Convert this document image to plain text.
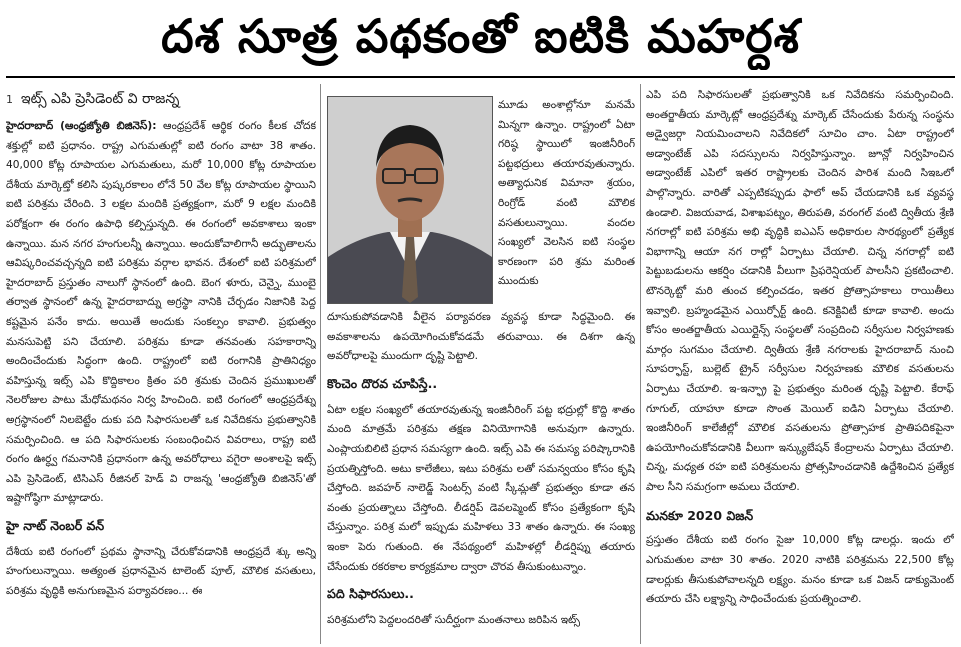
దశ సూత్ర పథకంతో ఐటికి మహర్దశ

1 ఇట్స్ ఎపి ప్రెసిడెంట్ వి రాజన్న

హైదరాబాద్ (ఆంధ్రజ్యోతి బిజినెస్): ఆంధ్రప్రదేశ్ ఆర్థిక రంగం కీలక చోదక శక్తుల్లో ఐటి ప్రధానం. రాష్ట్ర ఎగుమతుల్లో ఐటి రంగం వాటా 38 శాతం. 40,000 కోట్ల రూపాయల ఎగుమతులు, మరో 10,000 కోట్ల రూపాయల దేశీయ మార్కెట్తో కలిసి పుష్కరకాలం లోనే 50 వేల కోట్ల రూపాయల స్థాయిని ఐటి పరిశ్రమ చేరింది. 3 లక్షల మందికి ప్రత్యక్షంగా, మరో 9 లక్షల మందికి పరోక్షంగా ఈ రంగం ఉపాధి కల్పిస్తున్నది. ఈ రంగంలో అవకాశాలు ఇంకా ఉన్నాయి. మన నగర హంగులన్నీ ఉన్నాయి. అందుకోవాలిగానీ అద్భుతాలను ఆవిష్కరించవచ్చన్నది ఐటి పరిశ్రమ వర్గాల భావన. దేశంలో ఐటి పరిశ్రమలో హైదరాబాద్ ప్రస్తుతం నాలుగో స్థానంలో ఉంది. బెంగ ళూరు, చెన్నై, ముంబై తర్వాత స్థానంలో ఉన్న హైదరాబాద్ను అగ్రస్థా నానికి చేర్చడం నిజానికి పెద్ద కష్టమైన పనేం కాదు. అయితే అందుకు సంకల్పం కావాలి. ప్రభుత్వం మనసుపెట్టి పని చేయాలి. పరిశ్రమ కూడా తనవంతు సహకారాన్ని అందించేందుకు సిద్ధంగా ఉంది. రాష్ట్రంలో ఐటి రంగానికి ప్రాతినిధ్యం వహిస్తున్న ఇట్స్ ఎపి కొద్దికాలం క్రితం పరి శ్రమకు చెందిన ప్రముఖులతో నెలరోజుల పాటు మేధోమథనం నిర్వ హించింది. ఐటి రంగంలో ఆంధ్రప్రదేశ్ను అగ్రస్థానంలో నిలబెట్టేం దుకు పది సిఫారసులతో ఒక నివేదికను ప్రభుత్వానికి సమర్పించింది. ఆ పది సిఫారసులకు సంబంధించిన వివరాలు, రాష్ట్ర ఐటి రంగం ఊర్ధ్వ గమనానికి ప్రధానంగా ఉన్న అవరోధాలు వగైరా అంశాలపై ఇట్స్ ఎపి ప్రెసిడెంట్, టిసిఎస్ రీజినల్ హెడ్ వి రాజన్న 'ఆంధ్రజ్యోతి బిజినెస్'తో ఇష్టాగోష్ఠిగా మాట్లాడారు.

హై నాట్ నెంబర్ వన్

దేశీయ ఐటి రంగంలో ప్రథమ స్థానాన్ని చేరుకోవడానికి ఆంధ్రప్రదే శ్కు అన్ని హంగులున్నాయి. అత్యంత ప్రధానమైన టాలెంట్ పూల్, మౌలిక వసతులు, పరిశ్రమ వృద్ధికి అనుగుణమైన పర్యావరణం... ఈ

మూడు అంశాల్లోనూ మనమే మిన్నగా ఉన్నాం. రాష్ట్రంలో ఏటా గరిష్ఠ స్థాయిలో ఇంజినీరింగ్ పట్టభద్రులు తయారవుతున్నారు. అత్యాధునిక విమానా శ్రయం, రింగ్రోడ్ వంటి మౌలిక వసతులున్నాయి. వందల సంఖ్యలో వెలసిన ఐటి సంస్థల కారణంగా పరి శ్రమ మరింత ముందుకు

దూసుకుపోవడానికి వీలైన పర్యావరణ వ్యవస్థ కూడా సిద్ధమైంది. ఈ అవకాశాలను ఉపయోగించుకోవడమే తరువాయి. ఈ దిశగా ఉన్న అవరోధాలపై ముందుగా దృష్టి పెట్టాలి.

కొంచెం దొరవ చూపిస్తే..

ఏటా లక్షల సంఖ్యలో తయారవుతున్న ఇంజినీరింగ్ పట్ట భద్రుల్లో కొద్ది శాతం మంది మాత్రమే పరిశ్రమ తక్షణ వినియోగానికి అనువుగా ఉన్నారు. ఎంప్లాయబిలిటి ప్రధాన సమస్యగా ఉంది. ఇట్స్ ఎపి ఈ సమస్య పరిష్కారానికి ప్రయత్నిస్తోంది. అటు కాలేజీలు, ఇటు పరిశ్రమ లతో సమన్వయం కోసం కృషి చేస్తోంది. జవహర్ నాలెడ్జ్ సెంటర్స్ వంటి స్కీమ్లతో ప్రభుత్వం కూడా తన వంతు ప్రయత్నాలు చేస్తోంది. లీడర్షిప్ డెవలప్మెంట్ కోసం ప్రత్యేకంగా కృషి చేస్తున్నాం. పరిశ్ర మలో ఇప్పుడు మహిళలు 33 శాతం ఉన్నారు. ఈ సంఖ్య ఇంకా పెరు గుతుంది. ఈ నేపథ్యంలో మహిళల్లో లీడర్షిప్ను తయారు చేసేందుకు రకరకాల కార్యక్రమాల ద్వారా చొరవ తీసుకుంటున్నాం.

పది సిఫారసులు..

పరిశ్రమలోని పెద్దలందరితో సుదీర్ఘంగా మంతనాలు జరిపిన ఇట్స్

ఎపి పది సిఫారసులతో ప్రభుత్వానికి ఒక నివేదికను సమర్పించింది. అంతర్జాతీయ మార్కెట్లో ఆంధ్రప్రదేశ్ను మార్కెట్ చేసేందుకు పేరున్న సంస్థను అడ్వైజర్గా నియమించాలని నివేదికలో సూచిం చాం. ఏటా రాష్ట్రంలో అడ్వాంటేజ్ ఎపి సదస్సులను నిర్వహిస్తున్నాం. జూన్లో నిర్వహించిన అడ్వాంటేజ్ ఎపిలో ఇతర రాష్ట్రాలకు చెందిన పారిశ మంది సిఇఒలో పాల్గొన్నారు. వారితో ఎప్పటికప్పుడు ఫాలో అప్ చేయడానికి ఒక వ్యవస్థ ఉండాలి. విజయవాడ, విశాఖపట్నం, తిరుపతి, వరంగల్ వంటి ద్వితీయ శ్రేణి నగరాల్లో ఐటి పరిశ్రమ అభి వృద్ధికి ఐఎఎస్ అధికారుల సారథ్యంలో ప్రత్యేక విభాగాన్ని ఆయా నగ రాల్లో ఏర్పాటు చేయాలి. చిన్న నగరాల్లో ఐటి పెట్టుబడులను ఆకర్షిం చడానికి వీలుగా ప్రిఫరెన్షియల్ పాలసీని ప్రకటించాలి. టౌనర్కెట్టో మరి తుంచ కల్పించడం, ఇతర ప్రోత్సాహకాలు రాయితీలు ఇవ్వాలి. బ్రహ్మండమైన ఎయిర్పోర్ట్ ఉంది. కనెక్టివిటీ కూడా కావాలి. అందు కోసం అంతర్జాతీయ ఎయిర్లైన్స్ సంస్థలతో సంప్రదించి సర్వీసుల నిర్వహణకు మార్గం సుగమం చేయాలి. ద్వితీయ శ్రేణి నగరాలకు హైదరాబాద్ నుంచి సూపర్ఫాస్ట్, బుల్లెట్ ట్రైన్ సర్వీసుల నిర్వహణకు మౌలిక వసతులను ఏర్పాటు చేయాలి. ఇ-ఇన్ఫ్రా పై ప్రభుత్వం మరింత దృష్టి పెట్టాలి. కేరాఫ్ గూగుల్, యాహూ కూడా సొంత మెయిల్ ఐడిని ఏర్పాటు చేయాలి. ఇంజినీరింగ్ కాలేజీల్లో మౌలిక వసతులను ప్రోత్సాహక ప్రాతిపదికపైనా ఉపయోగించుకోవడానికి వీలుగా ఇన్క్యుబేషన్ కేంద్రాలను ఏర్పాటు చేయాలి. చిన్న, మధ్యత రహ ఐటి పరిశ్రమలను ప్రోత్సహించడానికి ఉద్దేశించిన ప్రత్యేక పాల సీని సమగ్రంగా అమలు చేయాలి.

మనకూ 2020 విజన్

ప్రస్తుతం దేశీయ ఐటి రంగం సైజు 10,000 కోట్ల డాలర్లు. ఇందు లో ఎగుమతుల వాటా 30 శాతం. 2020 నాటికి పరిశ్రమను 22,500 కోట్ల డాలర్లుకు తీసుకుపోవాలన్నది లక్ష్యం. మనం కూడా ఒక విజన్ డాక్యుమెంట్ తయారు చేసి లక్ష్యాన్ని సాధించేందుకు ప్రయత్నించాలి.
